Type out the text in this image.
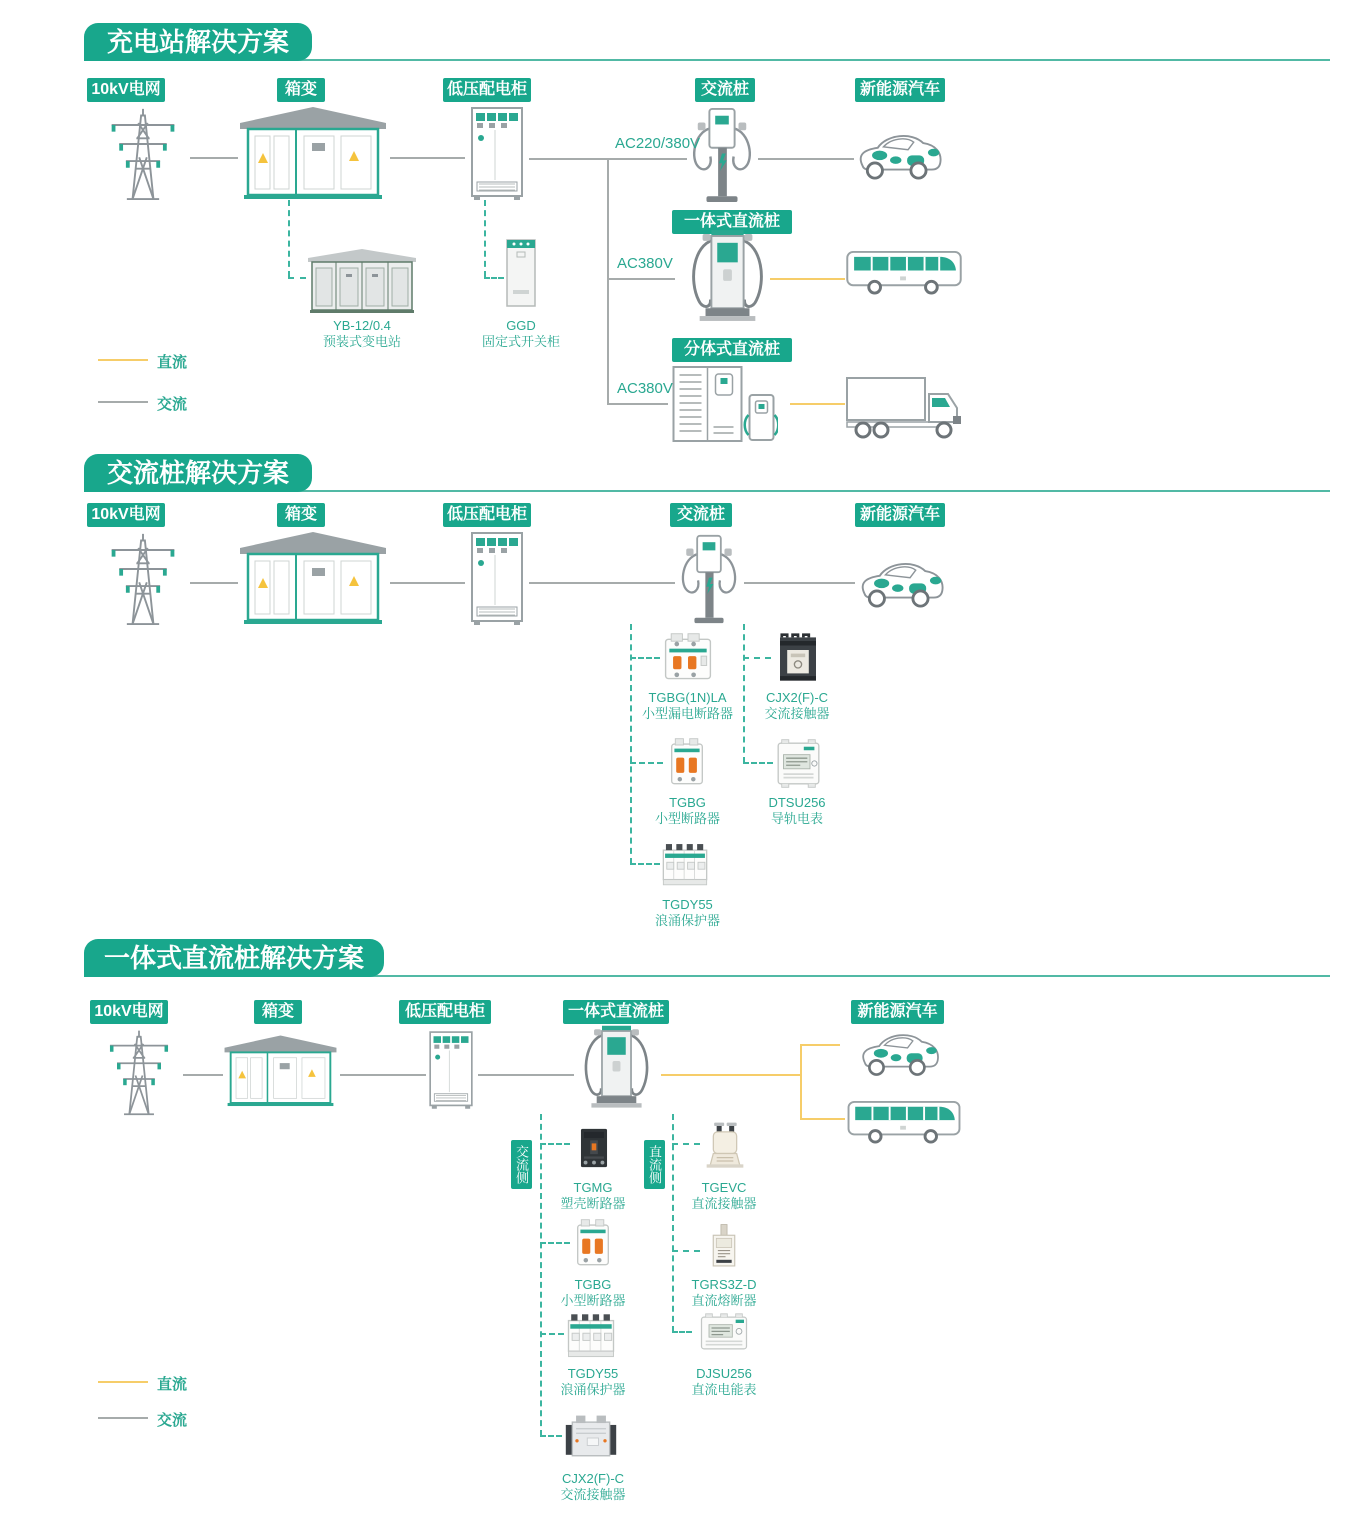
充电站解决方案
10kV电网	箱变	低压配电柜	交流桩	新能源汽车
AC220/380V
一体式直流桩
AC380V
分体式直流桩
AC380V
YB-12/0.4
预装式变电站
GGD
固定式开关柜
直流
交流
交流桩解决方案
10kV电网	箱变	低压配电柜	交流桩	新能源汽车
TGBG(1N)LA
小型漏电断路器
CJX2(F)-C
交流接触器
TGBG
小型断路器
DTSU256
导轨电表
TGDY55
浪涌保护器
一体式直流桩解决方案
10kV电网	箱变	低压配电柜	一体式直流桩	新能源汽车
交流侧	直流侧
TGMG
塑壳断路器
TGBG
小型断路器
TGDY55
浪涌保护器
CJX2(F)-C
交流接触器
TGEVC
直流接触器
TGRS3Z-D
直流熔断器
DJSU256
直流电能表
直流
交流
